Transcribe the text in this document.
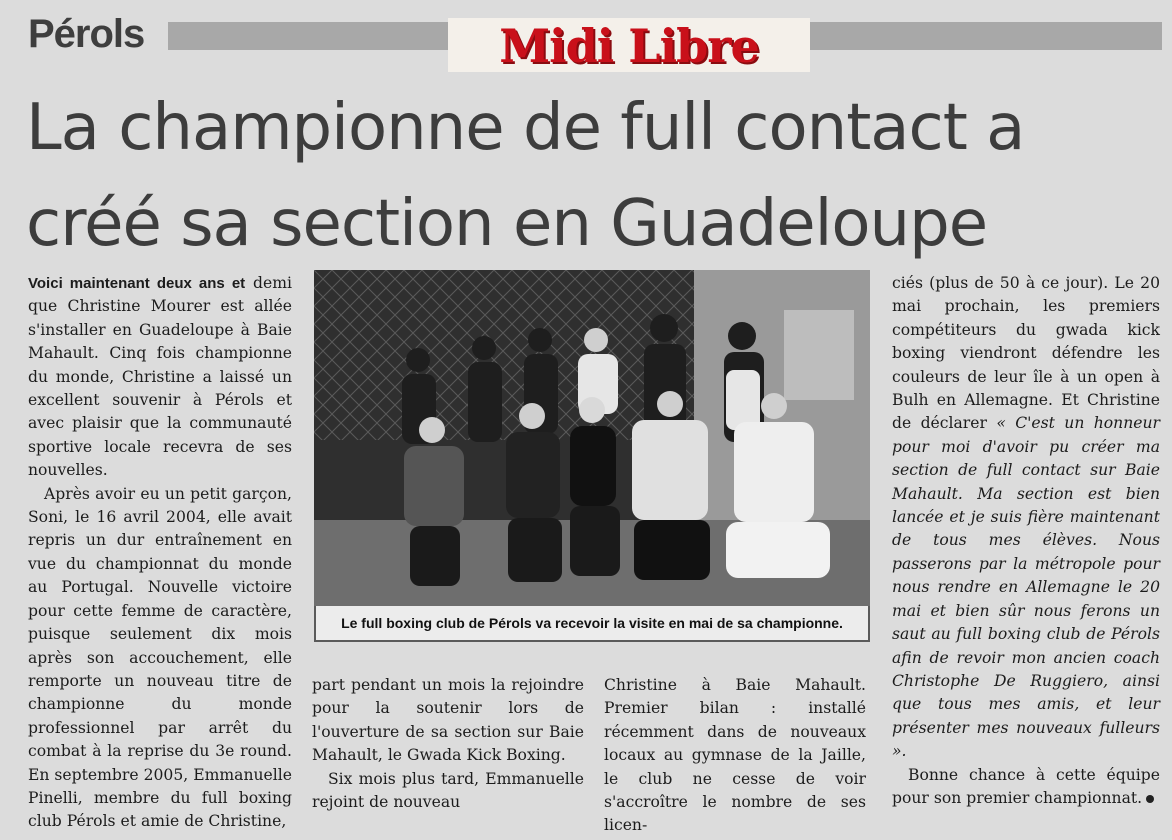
Pérols	Midi Libre
La championne de full contact a créé sa section en Guadeloupe

Voici maintenant deux ans et demi que Christine Mourer est allée s'installer en Guadeloupe à Baie Mahault. Cinq fois championne du monde, Christine a laissé un excellent souvenir à Pérols et avec plaisir que la communauté sportive locale recevra de ses nouvelles.

Après avoir eu un petit garçon, Soni, le 16 avril 2004, elle avait repris un dur entraînement en vue du championnat du monde au Portugal. Nouvelle victoire pour cette femme de caractère, puisque seulement dix mois après son accouchement, elle remporte un nouveau titre de championne du monde professionnel par arrêt du combat à la reprise du 3e round. En septembre 2005, Emmanuelle Pinelli, membre du full boxing club Pérols et amie de Christine,

Le full boxing club de Pérols va recevoir la visite en mai de sa championne.

part pendant un mois la rejoindre pour la soutenir lors de l'ouverture de sa section sur Baie Mahault, le Gwada Kick Boxing.

Six mois plus tard, Emmanuelle rejoint de nouveau

Christine à Baie Mahault. Premier bilan : installé récemment dans de nouveaux locaux au gymnase de la Jaille, le club ne cesse de voir s'accroître le nombre de ses licen-

ciés (plus de 50 à ce jour). Le 20 mai prochain, les premiers compétiteurs du gwada kick boxing viendront défendre les couleurs de leur île à un open à Bulh en Allemagne. Et Christine de déclarer « C'est un honneur pour moi d'avoir pu créer ma section de full contact sur Baie Mahault. Ma section est bien lancée et je suis fière maintenant de tous mes élèves. Nous passerons par la métropole pour nous rendre en Allemagne le 20 mai et bien sûr nous ferons un saut au full boxing club de Pérols afin de revoir mon ancien coach Christophe De Ruggiero, ainsi que tous mes amis, et leur présenter mes nouveaux fulleurs ».

Bonne chance à cette équipe pour son premier championnat.
